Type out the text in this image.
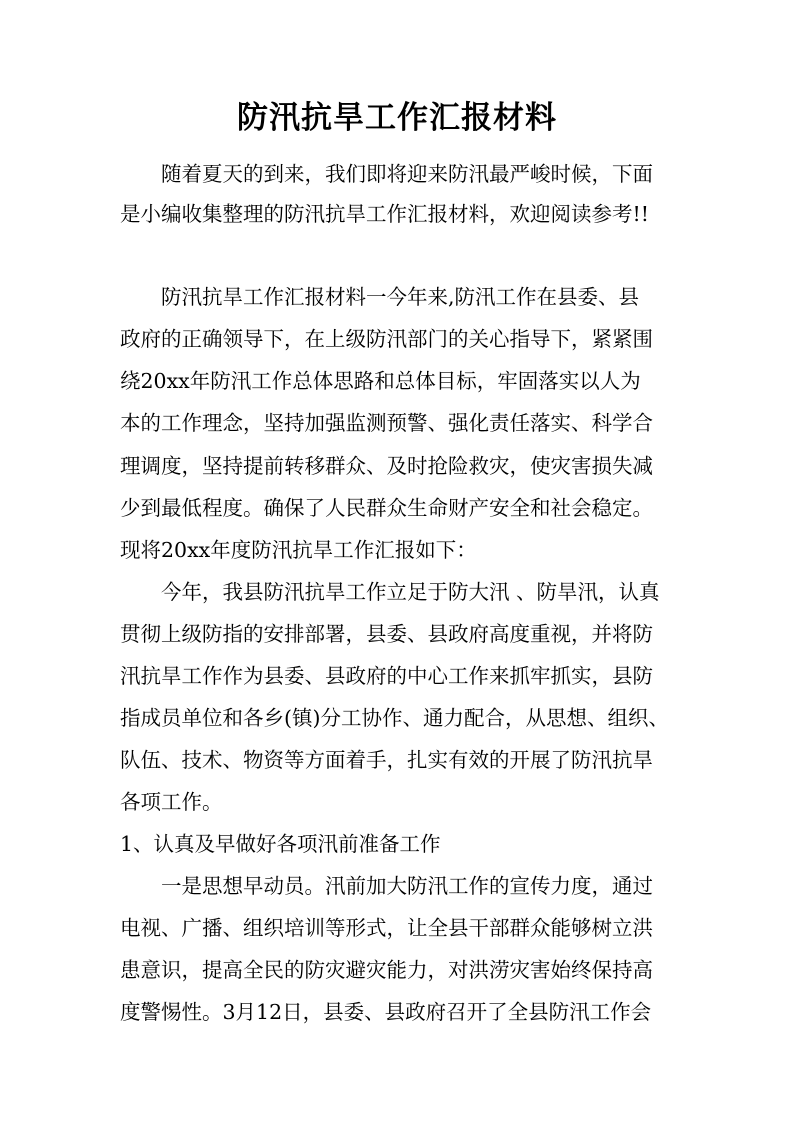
防汛抗旱工作汇报材料
　　随着夏天的到来，我们即将迎来防汛最严峻时候，下面
是小编收集整理的防汛抗旱工作汇报材料，欢迎阅读参考!!
　　防汛抗旱工作汇报材料一今年来,防汛工作在县委、县
政府的正确领导下，在上级防汛部门的关心指导下，紧紧围
绕20xx年防汛工作总体思路和总体目标，牢固落实以人为
本的工作理念，坚持加强监测预警、强化责任落实、科学合
理调度，坚持提前转移群众、及时抢险救灾，使灾害损失减
少到最低程度。确保了人民群众生命财产安全和社会稳定。
现将20xx年度防汛抗旱工作汇报如下：
　　今年，我县防汛抗旱工作立足于防大汛 、防旱汛，认真
贯彻上级防指的安排部署，县委、县政府高度重视，并将防
汛抗旱工作作为县委、县政府的中心工作来抓牢抓实，县防
指成员单位和各乡(镇)分工协作、通力配合，从思想、组织、
队伍、技术、物资等方面着手，扎实有效的开展了防汛抗旱
各项工作。
1、认真及早做好各项汛前准备工作
　　一是思想早动员。汛前加大防汛工作的宣传力度，通过
电视、广播、组织培训等形式，让全县干部群众能够树立洪
患意识，提高全民的防灾避灾能力，对洪涝灾害始终保持高
度警惕性。3月12日，县委、县政府召开了全县防汛工作会
